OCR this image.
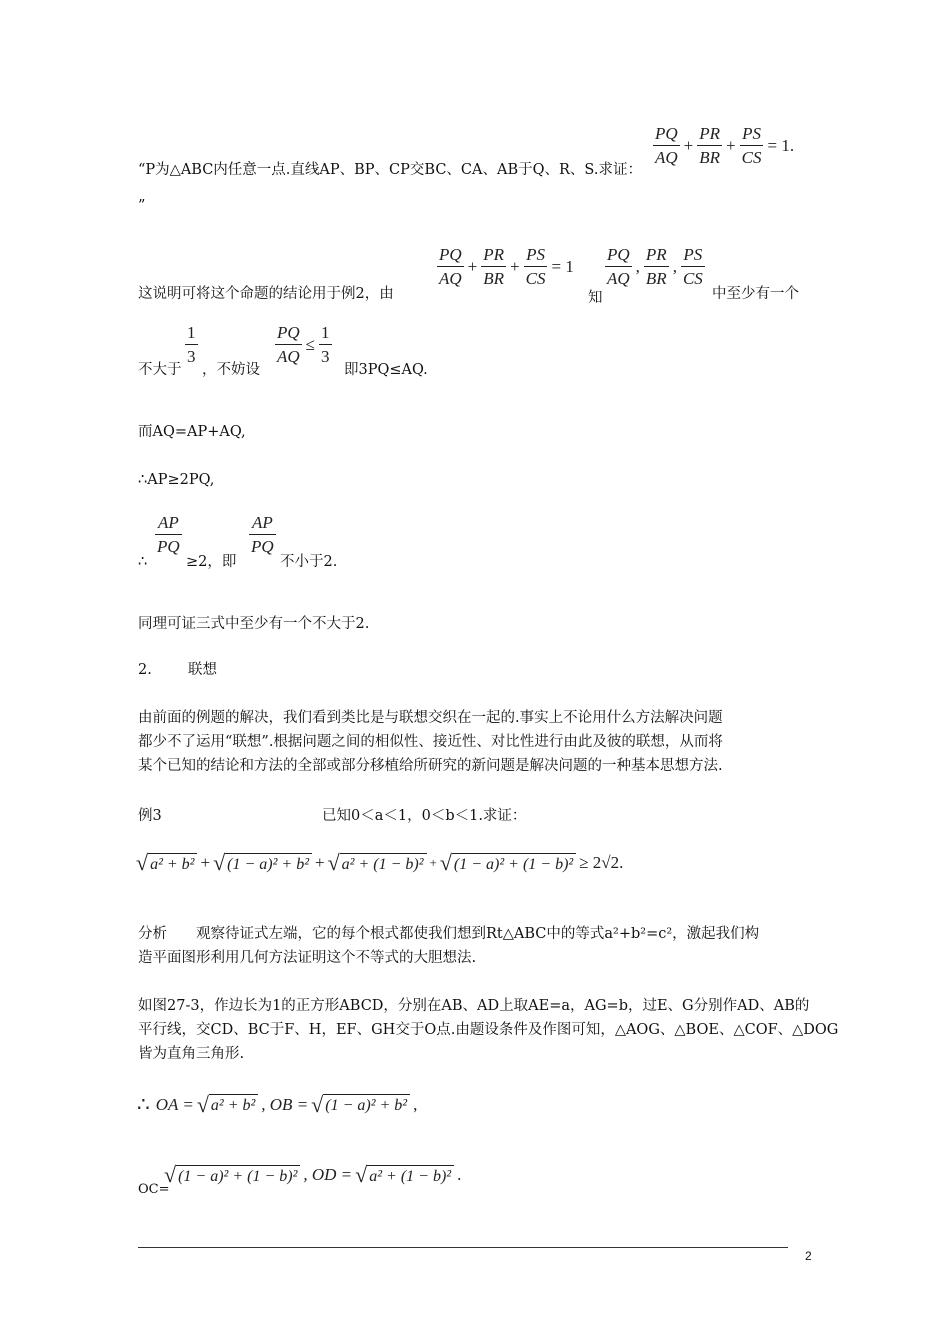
“P为△ABC内任意一点.直线AP、BP、CP交BC、CA、AB于Q、R、S.求证：
$\frac{PQ}{AQ} + \frac{PR}{BR} + \frac{PS}{CS} = 1$.
”
这说明可将这个命题的结论用于例2，由
$\frac{PQ}{AQ} + \frac{PR}{BR} + \frac{PS}{CS} = 1$
知
$\frac{PQ}{AQ}$ , $\frac{PR}{BR}$ , $\frac{PS}{CS}$
中至少有一个
不大于
$\frac{1}{3}$
，不妨设
$\frac{PQ}{AQ} \le \frac{1}{3}$
即3PQ≤AQ.
而AQ=AP+AQ,
∴AP≥2PQ,
∴
$\frac{AP}{PQ}$
≥2，即
$\frac{AP}{PQ}$
不小于2.
同理可证三式中至少有一个不大于2.
2. 联想
由前面的例题的解决，我们看到类比是与联想交织在一起的.事实上不论用什么方法解决问题
都少不了运用“联想”.根据问题之间的相似性、接近性、对比性进行由此及彼的联想，从而将
某个已知的结论和方法的全部或部分移植给所研究的新问题是解决问题的一种基本思想方法.
例3	已知0＜a＜1，0＜b＜1.求证：
√ a² + b² + √ (1 − a)² + b² + √ a² + (1 − b)² + √ (1 − a)² + (1 − b)² ≥ 2√2.
分析　　观察待证式左端，它的每个根式都使我们想到Rt△ABC中的等式a²+b²=c²，激起我们构
造平面图形利用几何方法证明这个不等式的大胆想法.
如图27-3，作边长为1的正方形ABCD，分别在AB、AD上取AE=a，AG=b，过E、G分别作AD、AB的
平行线，交CD、BC于F、H，EF、GH交于O点.由题设条件及作图可知，△AOG、△BOE、△COF、△DOG
皆为直角三角形.
∴ OA = √ a² + b² , OB = √ (1 − a)² + b² ,
OC=
√ (1 − a)² + (1 − b)² , OD = √ a² + (1 − b)² .
2
